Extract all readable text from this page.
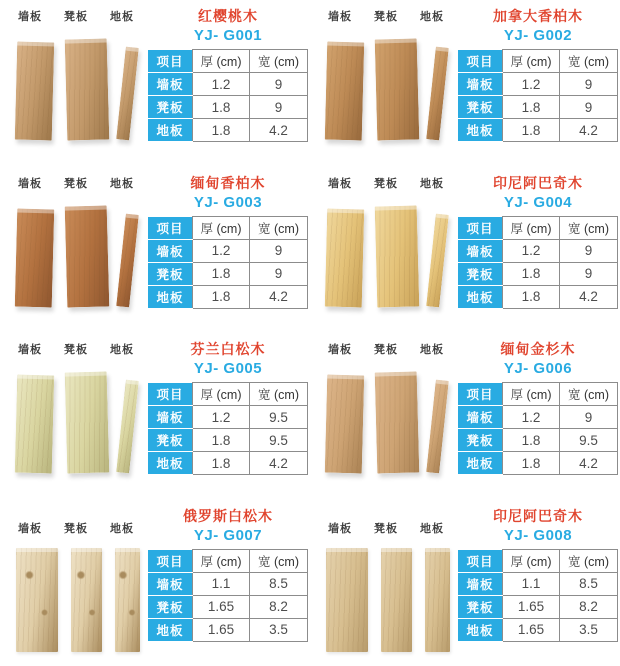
墙板	凳板	地板	红樱桃木
YJ- G001
项目	厚 (cm)	宽 (cm)
墙板	1.2	9
凳板	1.8	9
地板	1.8	4.2
墙板	凳板	地板	加拿大香柏木
YJ- G002
项目	厚 (cm)	宽 (cm)
墙板	1.2	9
凳板	1.8	9
地板	1.8	4.2
墙板	凳板	地板	缅甸香柏木
YJ- G003
项目	厚 (cm)	宽 (cm)
墙板	1.2	9
凳板	1.8	9
地板	1.8	4.2
墙板	凳板	地板	印尼阿巴奇木
YJ- G004
项目	厚 (cm)	宽 (cm)
墙板	1.2	9
凳板	1.8	9
地板	1.8	4.2
墙板	凳板	地板	芬兰白松木
YJ- G005
项目	厚 (cm)	宽 (cm)
墙板	1.2	9.5
凳板	1.8	9.5
地板	1.8	4.2
墙板	凳板	地板	缅甸金杉木
YJ- G006
项目	厚 (cm)	宽 (cm)
墙板	1.2	9
凳板	1.8	9.5
地板	1.8	4.2
墙板	凳板	地板
俄罗斯白松木
YJ- G007
项目	厚 (cm)	宽 (cm)
墙板	1.1	8.5
凳板	1.65	8.2
地板	1.65	3.5
墙板	凳板	地板
印尼阿巴奇木
YJ- G008
项目	厚 (cm)	宽 (cm)
墙板	1.1	8.5
凳板	1.65	8.2
地板	1.65	3.5
